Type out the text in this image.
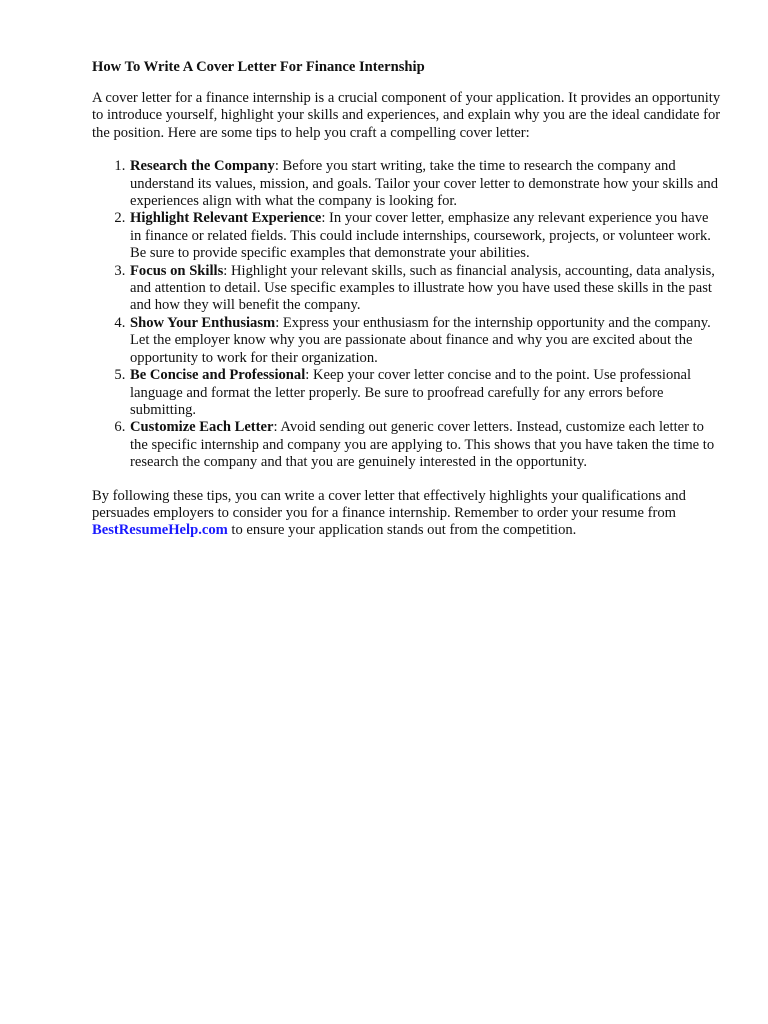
How To Write A Cover Letter For Finance Internship

A cover letter for a finance internship is a crucial component of your application. It provides an opportunity to introduce yourself, highlight your skills and experiences, and explain why you are the ideal candidate for the position. Here are some tips to help you craft a compelling cover letter:

1. Research the Company: Before you start writing, take the time to research the company and understand its values, mission, and goals. Tailor your cover letter to demonstrate how your skills and experiences align with what the company is looking for.
2. Highlight Relevant Experience: In your cover letter, emphasize any relevant experience you have in finance or related fields. This could include internships, coursework, projects, or volunteer work. Be sure to provide specific examples that demonstrate your abilities.
3. Focus on Skills: Highlight your relevant skills, such as financial analysis, accounting, data analysis, and attention to detail. Use specific examples to illustrate how you have used these skills in the past and how they will benefit the company.
4. Show Your Enthusiasm: Express your enthusiasm for the internship opportunity and the company. Let the employer know why you are passionate about finance and why you are excited about the opportunity to work for their organization.
5. Be Concise and Professional: Keep your cover letter concise and to the point. Use professional language and format the letter properly. Be sure to proofread carefully for any errors before submitting.
6. Customize Each Letter: Avoid sending out generic cover letters. Instead, customize each letter to the specific internship and company you are applying to. This shows that you have taken the time to research the company and that you are genuinely interested in the opportunity.

By following these tips, you can write a cover letter that effectively highlights your qualifications and persuades employers to consider you for a finance internship. Remember to order your resume from BestResumeHelp.com to ensure your application stands out from the competition.
